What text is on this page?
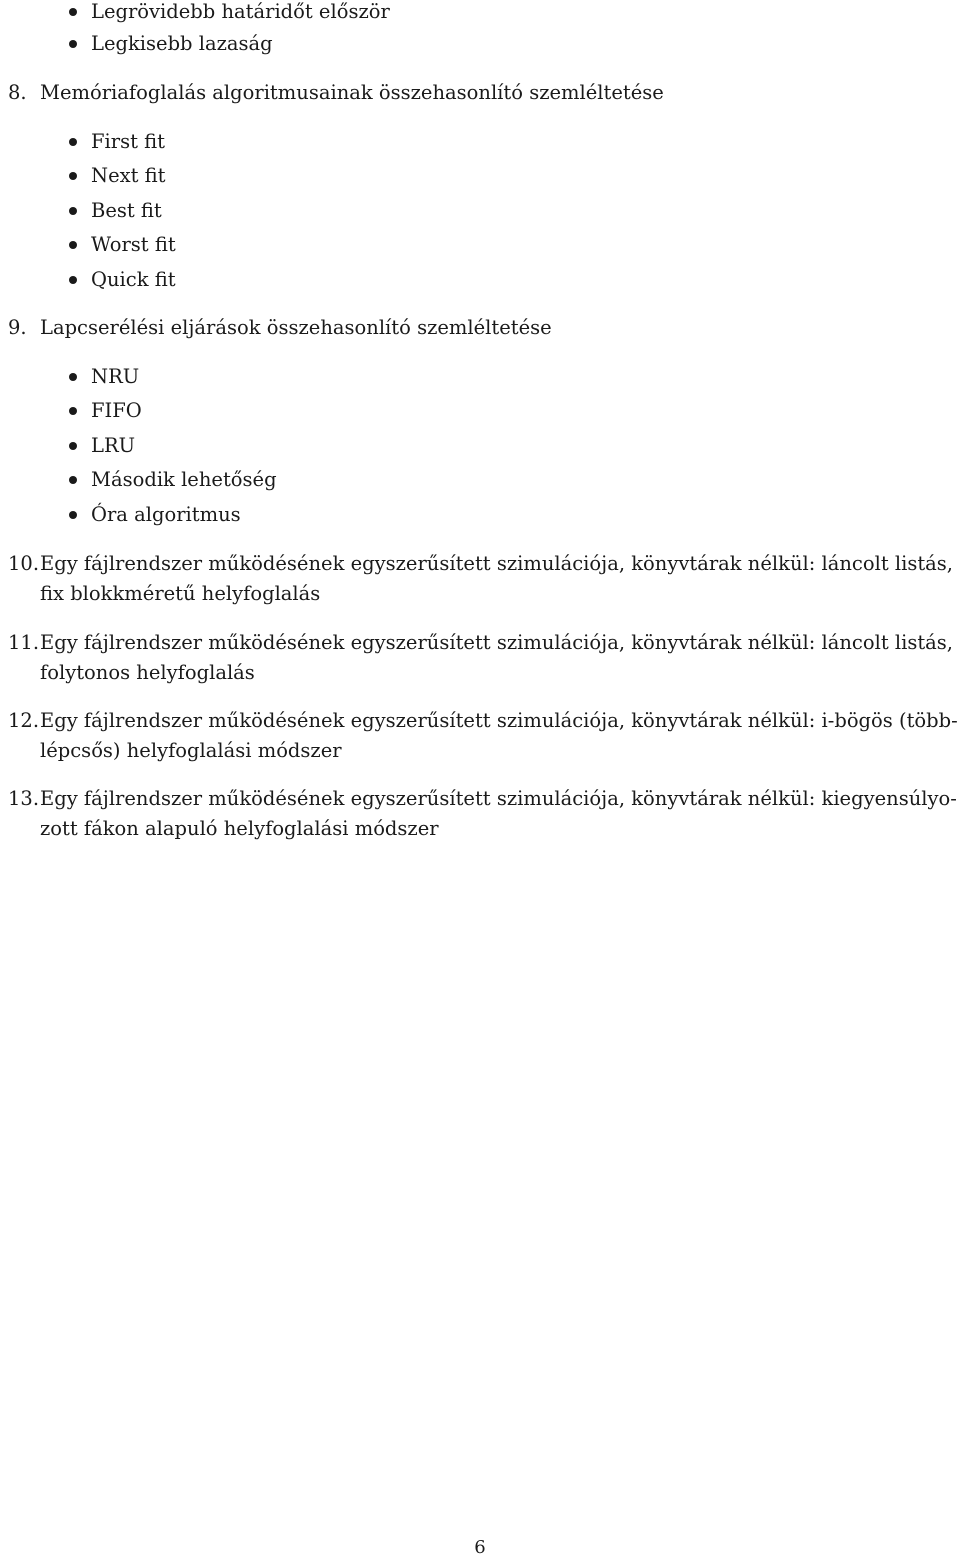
Legrövidebb határidőt először
Legkisebb lazaság
8. Memóriafoglalás algoritmusainak összehasonlító szemléltetése
First fit
Next fit
Best fit
Worst fit
Quick fit
9. Lapcserélési eljárások összehasonlító szemléltetése
NRU
FIFO
LRU
Második lehetőség
Óra algoritmus
10. Egy fájlrendszer működésének egyszerűsített szimulációja, könyvtárak nélkül: láncolt listás,
fix blokkméretű helyfoglalás
11. Egy fájlrendszer működésének egyszerűsített szimulációja, könyvtárak nélkül: láncolt listás,
folytonos helyfoglalás
12. Egy fájlrendszer működésének egyszerűsített szimulációja, könyvtárak nélkül: i-bögös (több-
lépcsős) helyfoglalási módszer
13. Egy fájlrendszer működésének egyszerűsített szimulációja, könyvtárak nélkül: kiegyensúlyo-
zott fákon alapuló helyfoglalási módszer
6
